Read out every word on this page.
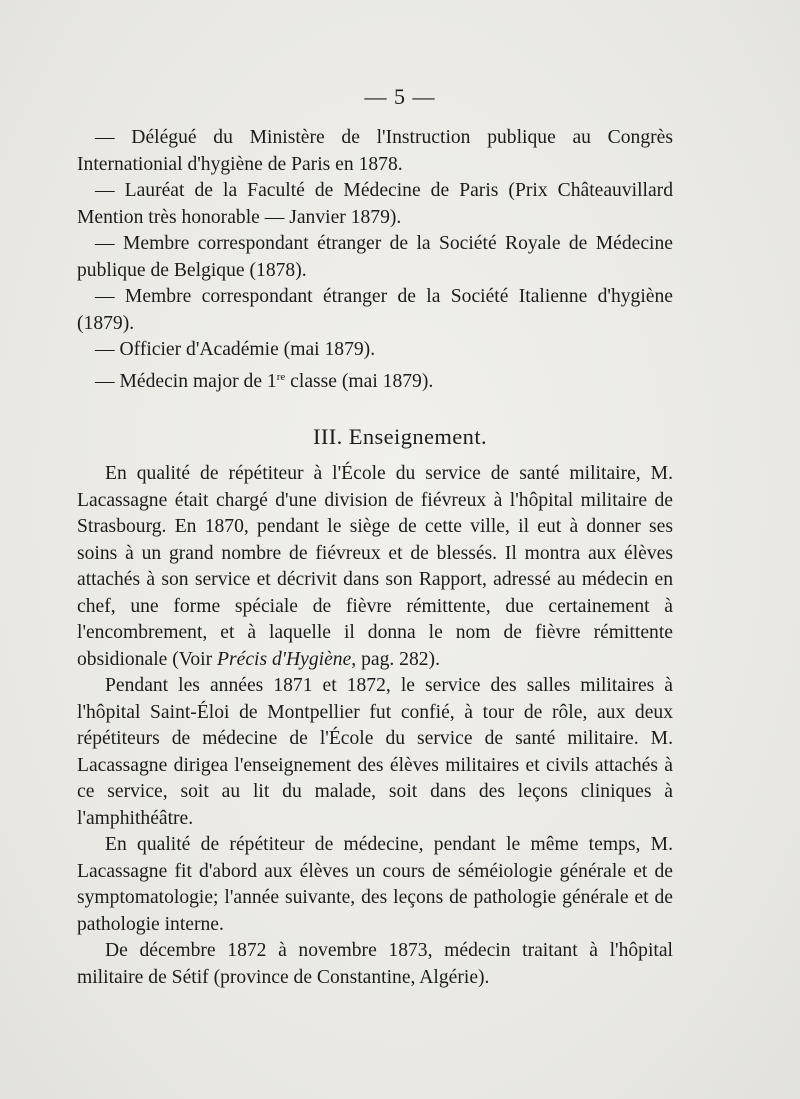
— 5 —

— Délégué du Ministère de l'Instruction publique au Congrès Internationial d'hygiène de Paris en 1878.

— Lauréat de la Faculté de Médecine de Paris (Prix Châteauvillard Mention très honorable — Janvier 1879).

— Membre correspondant étranger de la Société Royale de Médecine publique de Belgique (1878).

— Membre correspondant étranger de la Société Italienne d'hygiène (1879).

— Officier d'Académie (mai 1879).

— Médecin major de 1re classe (mai 1879).

III. Enseignement.

En qualité de répétiteur à l'École du service de santé militaire, M. Lacassagne était chargé d'une division de fiévreux à l'hôpital militaire de Strasbourg. En 1870, pendant le siège de cette ville, il eut à donner ses soins à un grand nombre de fiévreux et de blessés. Il montra aux élèves attachés à son service et décrivit dans son Rapport, adressé au médecin en chef, une forme spéciale de fièvre rémittente, due certainement à l'encombrement, et à laquelle il donna le nom de fièvre rémittente obsidionale (Voir Précis d'Hygiène, pag. 282).

Pendant les années 1871 et 1872, le service des salles militaires à l'hôpital Saint-Éloi de Montpellier fut confié, à tour de rôle, aux deux répétiteurs de médecine de l'École du service de santé militaire. M. Lacassagne dirigea l'enseignement des élèves militaires et civils attachés à ce service, soit au lit du malade, soit dans des leçons cliniques à l'amphithéâtre.

En qualité de répétiteur de médecine, pendant le même temps, M. Lacassagne fit d'abord aux élèves un cours de séméiologie générale et de symptomatologie; l'année suivante, des leçons de pathologie générale et de pathologie interne.

De décembre 1872 à novembre 1873, médecin traitant à l'hôpital militaire de Sétif (province de Constantine, Algérie).
